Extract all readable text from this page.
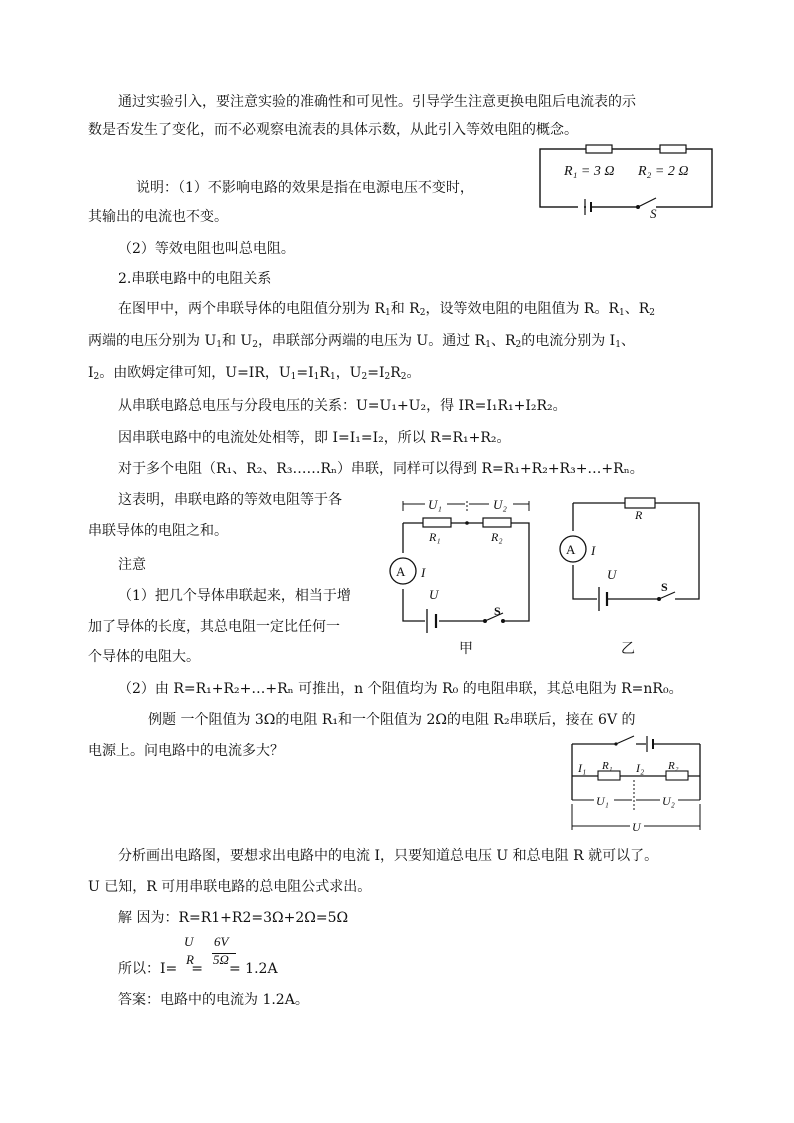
通过实验引入，要注意实验的准确性和可见性。引导学生注意更换电阻后电流表的示
数是否发生了变化，而不必观察电流表的具体示数，从此引入等效电阻的概念。
R₁ = 3 Ω R₂ = 2 Ω
S
说明：（1）不影响电路的效果是指在电源电压不变时，
其输出的电流也不变。
（2）等效电阻也叫总电阻。
2.串联电路中的电阻关系
在图甲中，两个串联导体的电阻值分别为 $R_1$和 $R_2$，设等效电阻的电阻值为 R。$R_1$、$R_2$
两端的电压分别为 $U_1$和 $U_2$，串联部分两端的电压为 U。通过 $R_1$、$R_2$的电流分别为 $I_1$、
$I_2$。由欧姆定律可知，U=IR，$U_1=I_1R_1$，$U_2=I_2R_2$。
从串联电路总电压与分段电压的关系：U=U₁+U₂，得 IR=I₁R₁+I₂R₂。
因串联电路中的电流处处相等，即 I=I₁=I₂，所以 R=R₁+R₂。
对于多个电阻（R₁、R₂、R₃……Rₙ）串联，同样可以得到 R=R₁+R₂+R₃+…+Rₙ。
这表明，串联电路的等效电阻等于各
串联导体的电阻之和。
U₁	U₂
R₁	R₂
A I
U
S
甲
R
A I
U
S
乙
注意
（1）把几个导体串联起来，相当于增
加了导体的长度，其总电阻一定比任何一
个导体的电阻大。
（2）由 R=R₁+R₂+…+Rₙ 可推出，n 个阻值均为 R₀ 的电阻串联，其总电阻为 R=nR₀。
例题 一个阻值为 3Ω的电阻 R₁和一个阻值为 2Ω的电阻 R₂串联后，接在 6V 的
电源上。问电路中的电流多大？
I₁ R₁ I₂ R₂
U₁	U₂
U
分析画出电路图，要想求出电路中的电流 I，只要知道总电压 U 和总电阻 R 就可以了。
U 已知，R 可用串联电路的总电阻公式求出。
解 因为：R=R1+R2=3Ω+2Ω=5Ω
U
R
6V
5Ω
所以：I= = = 1.2A
答案：电路中的电流为 1.2A。
